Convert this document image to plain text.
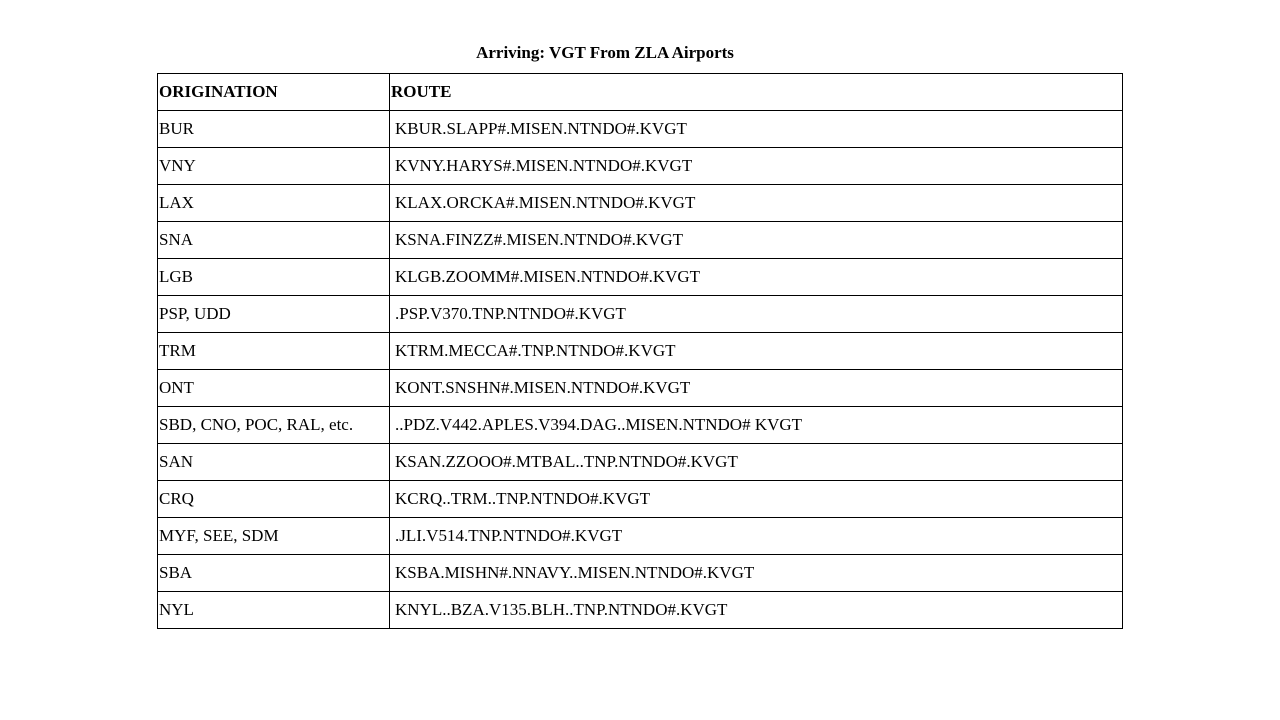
Arriving: VGT From ZLA Airports
ORIGINATION	ROUTE
BUR	KBUR.SLAPP#.MISEN.NTNDO#.KVGT
VNY	KVNY.HARYS#.MISEN.NTNDO#.KVGT
LAX	KLAX.ORCKA#.MISEN.NTNDO#.KVGT
SNA	KSNA.FINZZ#.MISEN.NTNDO#.KVGT
LGB	KLGB.ZOOMM#.MISEN.NTNDO#.KVGT
PSP, UDD	.PSP.V370.TNP.NTNDO#.KVGT
TRM	KTRM.MECCA#.TNP.NTNDO#.KVGT
ONT	KONT.SNSHN#.MISEN.NTNDO#.KVGT
SBD, CNO, POC, RAL, etc.	..PDZ.V442.APLES.V394.DAG..MISEN.NTNDO# KVGT
SAN	KSAN.ZZOOO#.MTBAL..TNP.NTNDO#.KVGT
CRQ	KCRQ..TRM..TNP.NTNDO#.KVGT
MYF, SEE, SDM	.JLI.V514.TNP.NTNDO#.KVGT
SBA	KSBA.MISHN#.NNAVY..MISEN.NTNDO#.KVGT
NYL	KNYL..BZA.V135.BLH..TNP.NTNDO#.KVGT
